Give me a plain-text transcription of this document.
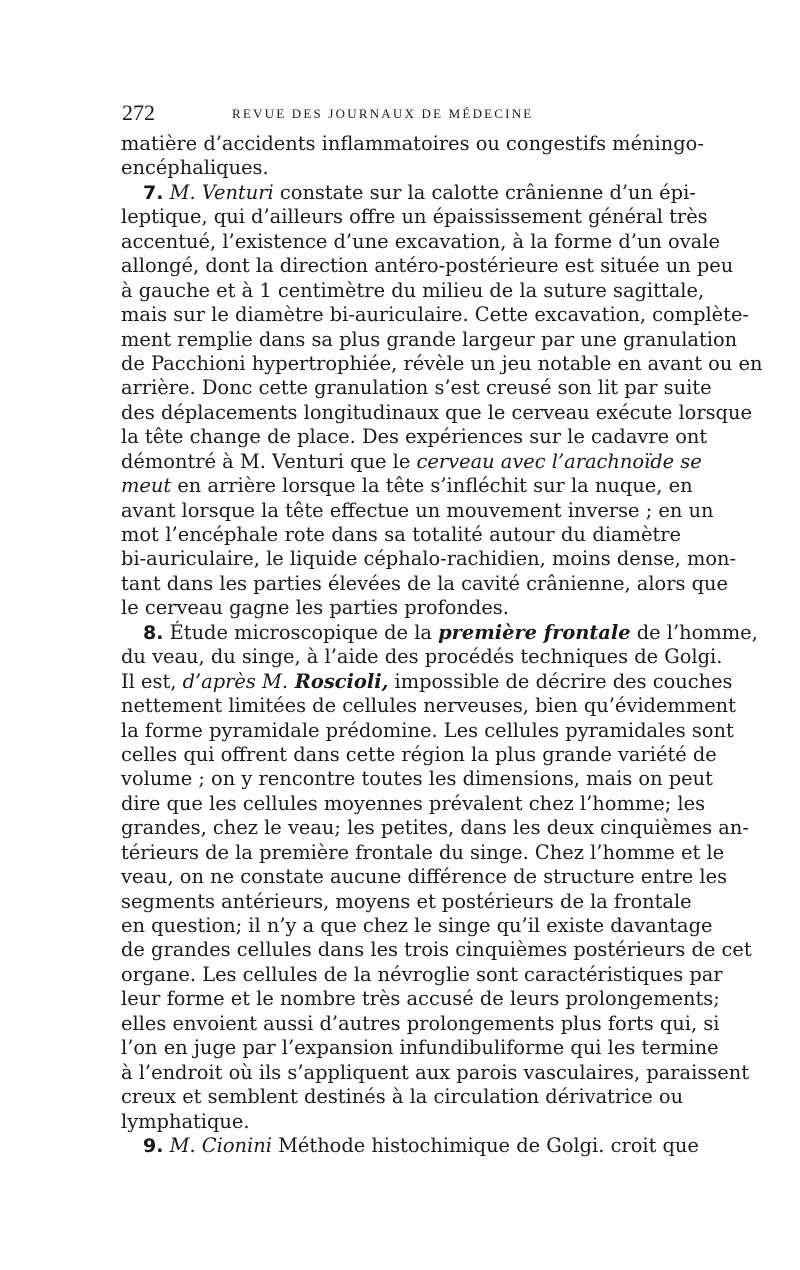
272	REVUE DES JOURNAUX DE MÉDECINE
matière d’accidents inflammatoires ou congestifs méningo-
encéphaliques.
7. M. Venturi constate sur la calotte crânienne d’un épi-
leptique, qui d’ailleurs offre un épaississement général très
accentué, l’existence d’une excavation, à la forme d’un ovale
allongé, dont la direction antéro-postérieure est située un peu
à gauche et à 1 centimètre du milieu de la suture sagittale,
mais sur le diamètre bi-auriculaire. Cette excavation, complète-
ment remplie dans sa plus grande largeur par une granulation
de Pacchioni hypertrophiée, révèle un jeu notable en avant ou en
arrière. Donc cette granulation s’est creusé son lit par suite
des déplacements longitudinaux que le cerveau exécute lorsque
la tête change de place. Des expériences sur le cadavre ont
démontré à M. Venturi que le cerveau avec l’arachnoïde se
meut en arrière lorsque la tête s’infléchit sur la nuque, en
avant lorsque la tête effectue un mouvement inverse ; en un
mot l’encéphale rote dans sa totalité autour du diamètre
bi-auriculaire, le liquide céphalo-rachidien, moins dense, mon-
tant dans les parties élevées de la cavité crânienne, alors que
le cerveau gagne les parties profondes.
8. Étude microscopique de la première frontale de l’homme,
du veau, du singe, à l’aide des procédés techniques de Golgi.
Il est, d’après M. Roscioli, impossible de décrire des couches
nettement limitées de cellules nerveuses, bien qu’évidemment
la forme pyramidale prédomine. Les cellules pyramidales sont
celles qui offrent dans cette région la plus grande variété de
volume ; on y rencontre toutes les dimensions, mais on peut
dire que les cellules moyennes prévalent chez l’homme; les
grandes, chez le veau; les petites, dans les deux cinquièmes an-
térieurs de la première frontale du singe. Chez l’homme et le
veau, on ne constate aucune différence de structure entre les
segments antérieurs, moyens et postérieurs de la frontale
en question; il n’y a que chez le singe qu’il existe davantage
de grandes cellules dans les trois cinquièmes postérieurs de cet
organe. Les cellules de la névroglie sont caractéristiques par
leur forme et le nombre très accusé de leurs prolongements;
elles envoient aussi d’autres prolongements plus forts qui, si
l’on en juge par l’expansion infundibuliforme qui les termine
à l’endroit où ils s’appliquent aux parois vasculaires, paraissent
creux et semblent destinés à la circulation dérivatrice ou
lymphatique.
9. M. Cionini Méthode histochimique de Golgi. croit que
